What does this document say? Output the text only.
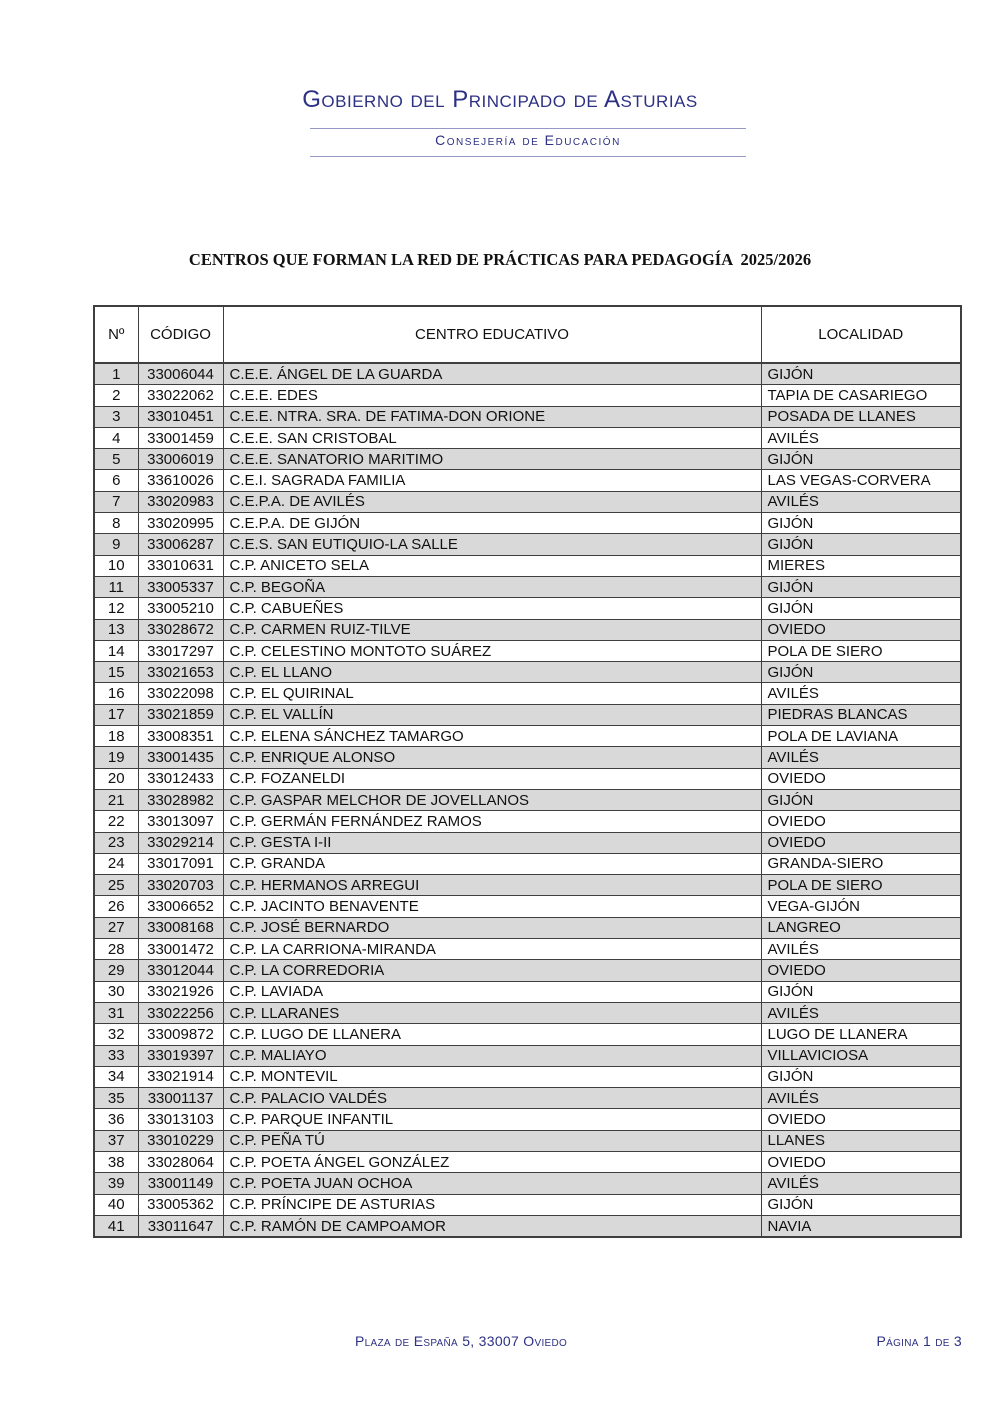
Gobierno del Principado de Asturias
Consejería de Educación
CENTROS QUE FORMAN LA RED DE PRÁCTICAS PARA PEDAGOGÍA  2025/2026
Nº	CÓDIGO	CENTRO EDUCATIVO	LOCALIDAD
1	33006044	C.E.E. ÁNGEL DE LA GUARDA	GIJÓN
2	33022062	C.E.E. EDES	TAPIA DE CASARIEGO
3	33010451	C.E.E. NTRA. SRA. DE FATIMA-DON ORIONE	POSADA DE LLANES
4	33001459	C.E.E. SAN CRISTOBAL	AVILÉS
5	33006019	C.E.E. SANATORIO MARITIMO	GIJÓN
6	33610026	C.E.I. SAGRADA FAMILIA	LAS VEGAS-CORVERA
7	33020983	C.E.P.A. DE AVILÉS	AVILÉS
8	33020995	C.E.P.A. DE GIJÓN	GIJÓN
9	33006287	C.E.S. SAN EUTIQUIO-LA SALLE	GIJÓN
10	33010631	C.P. ANICETO SELA	MIERES
11	33005337	C.P. BEGOÑA	GIJÓN
12	33005210	C.P. CABUEÑES	GIJÓN
13	33028672	C.P. CARMEN RUIZ-TILVE	OVIEDO
14	33017297	C.P. CELESTINO MONTOTO SUÁREZ	POLA DE SIERO
15	33021653	C.P. EL LLANO	GIJÓN
16	33022098	C.P. EL QUIRINAL	AVILÉS
17	33021859	C.P. EL VALLÍN	PIEDRAS BLANCAS
18	33008351	C.P. ELENA SÁNCHEZ TAMARGO	POLA DE LAVIANA
19	33001435	C.P. ENRIQUE ALONSO	AVILÉS
20	33012433	C.P. FOZANELDI	OVIEDO
21	33028982	C.P. GASPAR MELCHOR DE JOVELLANOS	GIJÓN
22	33013097	C.P. GERMÁN FERNÁNDEZ RAMOS	OVIEDO
23	33029214	C.P. GESTA I-II	OVIEDO
24	33017091	C.P. GRANDA	GRANDA-SIERO
25	33020703	C.P. HERMANOS ARREGUI	POLA DE SIERO
26	33006652	C.P. JACINTO BENAVENTE	VEGA-GIJÓN
27	33008168	C.P. JOSÉ BERNARDO	LANGREO
28	33001472	C.P. LA CARRIONA-MIRANDA	AVILÉS
29	33012044	C.P. LA CORREDORIA	OVIEDO
30	33021926	C.P. LAVIADA	GIJÓN
31	33022256	C.P. LLARANES	AVILÉS
32	33009872	C.P. LUGO DE LLANERA	LUGO DE LLANERA
33	33019397	C.P. MALIAYO	VILLAVICIOSA
34	33021914	C.P. MONTEVIL	GIJÓN
35	33001137	C.P. PALACIO VALDÉS	AVILÉS
36	33013103	C.P. PARQUE INFANTIL	OVIEDO
37	33010229	C.P. PEÑA TÚ	LLANES
38	33028064	C.P. POETA ÁNGEL GONZÁLEZ	OVIEDO
39	33001149	C.P. POETA JUAN OCHOA	AVILÉS
40	33005362	C.P. PRÍNCIPE DE ASTURIAS	GIJÓN
41	33011647	C.P. RAMÓN DE CAMPOAMOR	NAVIA
Plaza de España 5, 33007 Oviedo	Página 1 de 3
